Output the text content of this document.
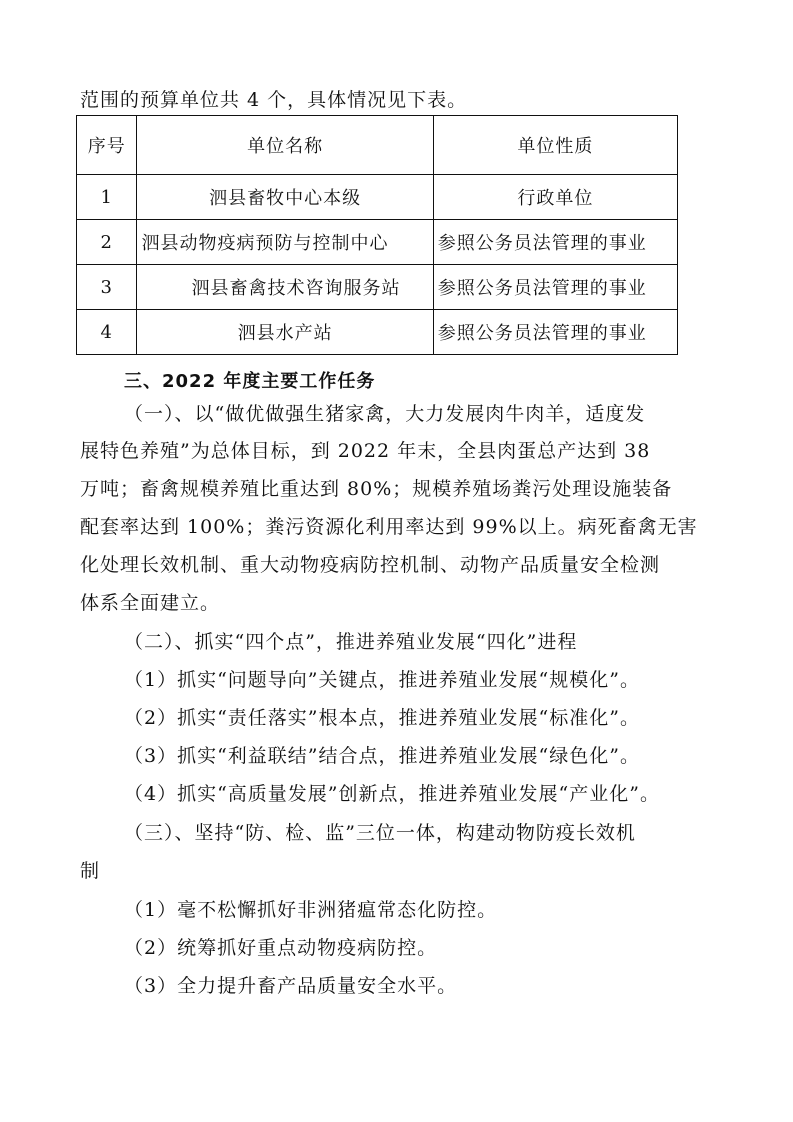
范围的预算单位共 4 个，具体情况见下表。
序号	单位名称	单位性质
1	泗县畜牧中心本级	行政单位
2	泗县动物疫病预防与控制中心	参照公务员法管理的事业
3	泗县畜禽技术咨询服务站	参照公务员法管理的事业
4	泗县水产站	参照公务员法管理的事业
三、2022 年度主要工作任务
（一）、以“做优做强生猪家禽，大力发展肉牛肉羊，适度发
展特色养殖”为总体目标，到 2022 年末，全县肉蛋总产达到 38
万吨；畜禽规模养殖比重达到 80%；规模养殖场粪污处理设施装备
配套率达到 100%；粪污资源化利用率达到 99%以上。病死畜禽无害
化处理长效机制、重大动物疫病防控机制、动物产品质量安全检测
体系全面建立。
（二）、抓实“四个点”，推进养殖业发展“四化”进程
（1）抓实“问题导向”关键点，推进养殖业发展“规模化”。
（2）抓实“责任落实”根本点，推进养殖业发展“标准化”。
（3）抓实“利益联结”结合点，推进养殖业发展“绿色化”。
（4）抓实“高质量发展”创新点，推进养殖业发展“产业化”。
（三）、坚持“防、检、监”三位一体，构建动物防疫长效机
制
（1）毫不松懈抓好非洲猪瘟常态化防控。
（2）统筹抓好重点动物疫病防控。
（3）全力提升畜产品质量安全水平。
